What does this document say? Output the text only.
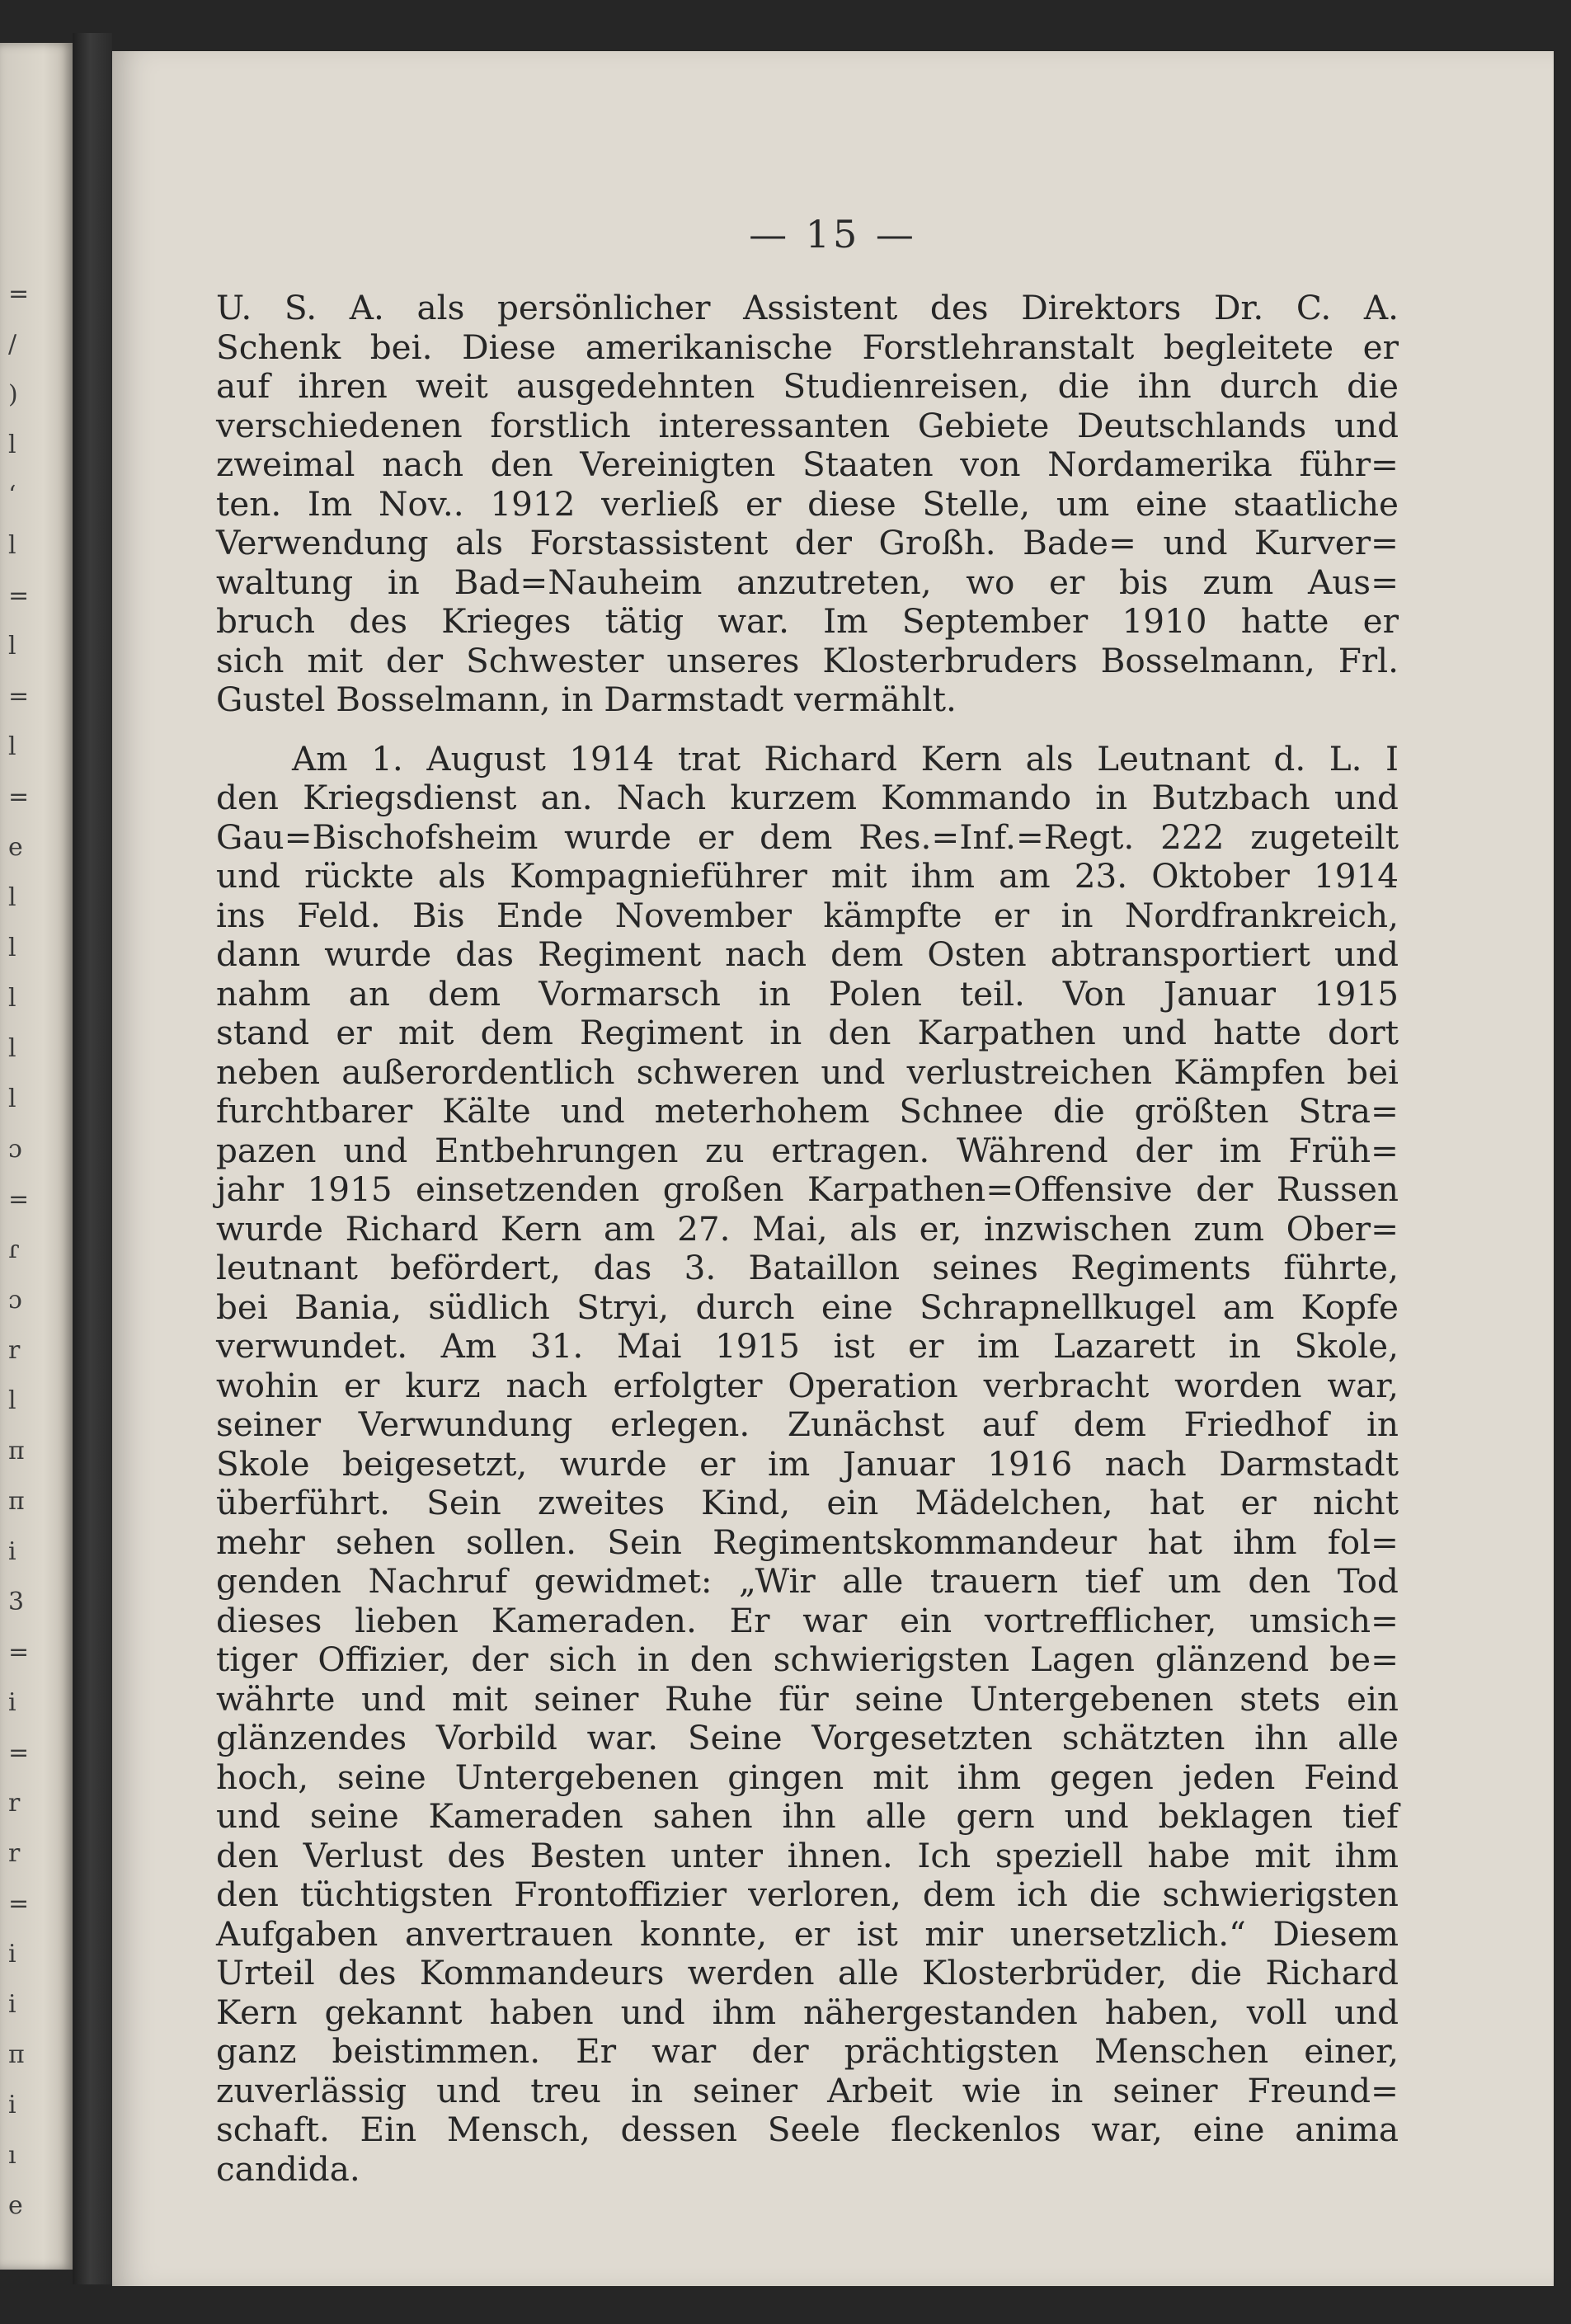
=
/
)
l
ʻ
l
=
l
=
l
=
e
l
l
l
l
l
ɔ
=
ɾ
ɔ
r
l
π
π
i
3
=
i
=
r
r
=
i
i
π
i
ı
e
— 15 —
U. S. A. als persönlicher Assistent des Direktors Dr. C. A.
Schenk bei. Diese amerikanische Forstlehranstalt begleitete er
auf ihren weit ausgedehnten Studienreisen, die ihn durch die
verschiedenen forstlich interessanten Gebiete Deutschlands und
zweimal nach den Vereinigten Staaten von Nordamerika führ=
ten. Im Nov.. 1912 verließ er diese Stelle, um eine staatliche
Verwendung als Forstassistent der Großh. Bade= und Kurver=
waltung in Bad=Nauheim anzutreten, wo er bis zum Aus=
bruch des Krieges tätig war. Im September 1910 hatte er
sich mit der Schwester unseres Klosterbruders Bosselmann, Frl.
Gustel Bosselmann, in Darmstadt vermählt.
Am 1. August 1914 trat Richard Kern als Leutnant d. L. I
den Kriegsdienst an. Nach kurzem Kommando in Butzbach und
Gau=Bischofsheim wurde er dem Res.=Inf.=Regt. 222 zugeteilt
und rückte als Kompagnieführer mit ihm am 23. Oktober 1914
ins Feld. Bis Ende November kämpfte er in Nordfrankreich,
dann wurde das Regiment nach dem Osten abtransportiert und
nahm an dem Vormarsch in Polen teil. Von Januar 1915
stand er mit dem Regiment in den Karpathen und hatte dort
neben außerordentlich schweren und verlustreichen Kämpfen bei
furchtbarer Kälte und meterhohem Schnee die größten Stra=
pazen und Entbehrungen zu ertragen. Während der im Früh=
jahr 1915 einsetzenden großen Karpathen=Offensive der Russen
wurde Richard Kern am 27. Mai, als er, inzwischen zum Ober=
leutnant befördert, das 3. Bataillon seines Regiments führte,
bei Bania, südlich Stryi, durch eine Schrapnellkugel am Kopfe
verwundet. Am 31. Mai 1915 ist er im Lazarett in Skole,
wohin er kurz nach erfolgter Operation verbracht worden war,
seiner Verwundung erlegen. Zunächst auf dem Friedhof in
Skole beigesetzt, wurde er im Januar 1916 nach Darmstadt
überführt. Sein zweites Kind, ein Mädelchen, hat er nicht
mehr sehen sollen. Sein Regimentskommandeur hat ihm fol=
genden Nachruf gewidmet: „Wir alle trauern tief um den Tod
dieses lieben Kameraden. Er war ein vortrefflicher, umsich=
tiger Offizier, der sich in den schwierigsten Lagen glänzend be=
währte und mit seiner Ruhe für seine Untergebenen stets ein
glänzendes Vorbild war. Seine Vorgesetzten schätzten ihn alle
hoch, seine Untergebenen gingen mit ihm gegen jeden Feind
und seine Kameraden sahen ihn alle gern und beklagen tief
den Verlust des Besten unter ihnen. Ich speziell habe mit ihm
den tüchtigsten Frontoffizier verloren, dem ich die schwierigsten
Aufgaben anvertrauen konnte, er ist mir unersetzlich.“ Diesem
Urteil des Kommandeurs werden alle Klosterbrüder, die Richard
Kern gekannt haben und ihm nähergestanden haben, voll und
ganz beistimmen. Er war der prächtigsten Menschen einer,
zuverlässig und treu in seiner Arbeit wie in seiner Freund=
schaft. Ein Mensch, dessen Seele fleckenlos war, eine anima
candida.
